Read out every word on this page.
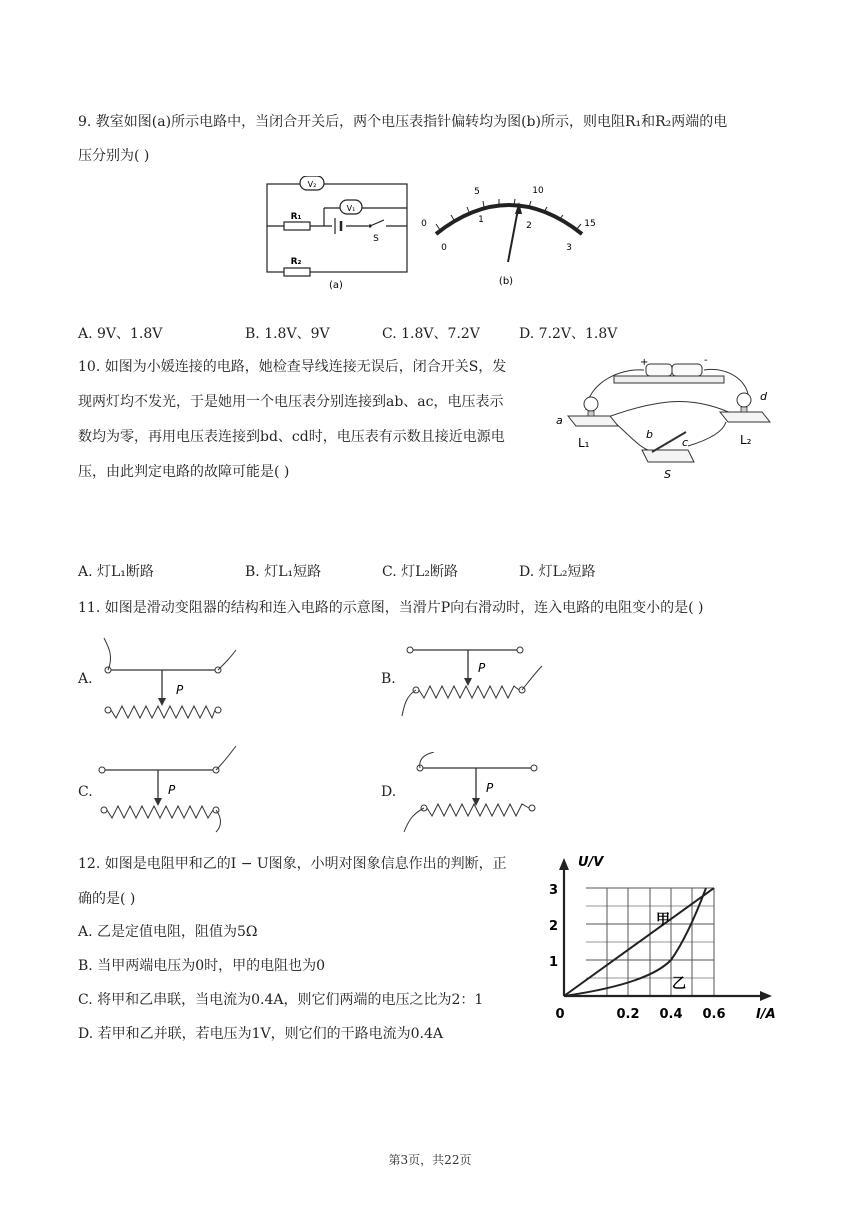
9. 教室如图(a)所示电路中，当闭合开关后，两个电压表指针偏转均为图(b)所示，则电阻R₁和R₂两端的电
压分别为( )
V₂
V₁
R₁
S
R₂
(a)
0
5	10
15
0
1
2
3
(b)
A. 9V、1.8V	B. 1.8V、9V	C. 1.8V、7.2V	D. 7.2V、1.8V
10. 如图为小媛连接的电路，她检查导线连接无误后，闭合开关S，发
现两灯均不发光，于是她用一个电压表分别连接到ab、ac，电压表示
数均为零，再用电压表连接到bd、cd时，电压表有示数且接近电源电
压，由此判定电路的故障可能是( )
+	-
a
L₁
d
L₂
b
c
S
A. 灯L₁断路	B. 灯L₁短路	C. 灯L₂断路	D. 灯L₂短路
11. 如图是滑动变阻器的结构和连入电路的示意图，当滑片P向右滑动时，连入电路的电阻变小的是( )
A.
P
B.
P
C.	P	D.	P
12. 如图是电阻甲和乙的I − U图象，小明对图象信息作出的判断，正
确的是( )
A. 乙是定值电阻，阻值为5Ω
B. 当甲两端电压为0时，甲的电阻也为0
C. 将甲和乙串联，当电流为0.4A，则它们两端的电压之比为2：1
D. 若甲和乙并联，若电压为1V，则它们的干路电流为0.4A
U/V
I/A
3
2
1
0	0.2 0.4 0.6
甲
乙
第3页，共22页
